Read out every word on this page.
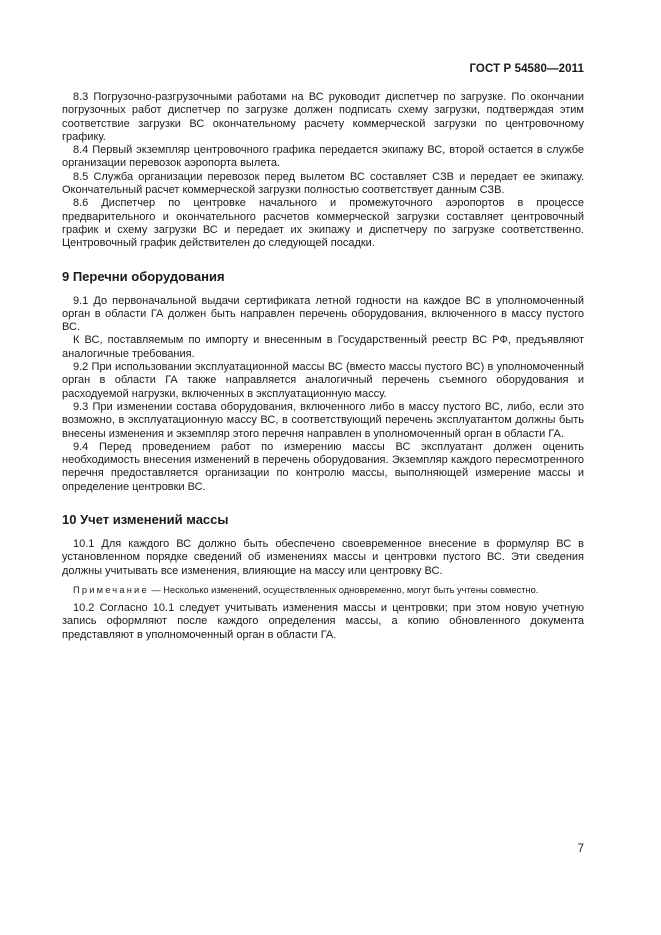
ГОСТ Р 54580—2011

8.3 Погрузочно-разгрузочными работами на ВС руководит диспетчер по загрузке. По окончании погрузочных работ диспетчер по загрузке должен подписать схему загрузки, подтверждая этим соответствие загрузки ВС окончательному расчету коммерческой загрузки по центровочному графику.

8.4 Первый экземпляр центровочного графика передается экипажу ВС, второй остается в службе организации перевозок аэропорта вылета.

8.5 Служба организации перевозок перед вылетом ВС составляет СЗВ и передает ее экипажу. Окончательный расчет коммерческой загрузки полностью соответствует данным СЗВ.

8.6 Диспетчер по центровке начального и промежуточного аэропортов в процессе предварительного и окончательного расчетов коммерческой загрузки составляет центровочный график и схему загрузки ВС и передает их экипажу и диспетчеру по загрузке соответственно. Центровочный график действителен до следующей посадки.

9 Перечни оборудования

9.1 До первоначальной выдачи сертификата летной годности на каждое ВС в уполномоченный орган в области ГА должен быть направлен перечень оборудования, включенного в массу пустого ВС.

К ВС, поставляемым по импорту и внесенным в Государственный реестр ВС РФ, предъявляют аналогичные требования.

9.2 При использовании эксплуатационной массы ВС (вместо массы пустого ВС) в уполномоченный орган в области ГА также направляется аналогичный перечень съемного оборудования и расходуемой нагрузки, включенных в эксплуатационную массу.

9.3 При изменении состава оборудования, включенного либо в массу пустого ВС, либо, если это возможно, в эксплуатационную массу ВС, в соответствующий перечень эксплуатантом должны быть внесены изменения и экземпляр этого перечня направлен в уполномоченный орган в области ГА.

9.4 Перед проведением работ по измерению массы ВС эксплуатант должен оценить необходимость внесения изменений в перечень оборудования. Экземпляр каждого пересмотренного перечня предоставляется организации по контролю массы, выполняющей измерение массы и определение центровки ВС.

10 Учет изменений массы

10.1 Для каждого ВС должно быть обеспечено своевременное внесение в формуляр ВС в установленном порядке сведений об изменениях массы и центровки пустого ВС. Эти сведения должны учитывать все изменения, влияющие на массу или центровку ВС.

Примечание — Несколько изменений, осуществленных одновременно, могут быть учтены совместно.

10.2 Согласно 10.1 следует учитывать изменения массы и центровки; при этом новую учетную запись оформляют после каждого определения массы, а копию обновленного документа представляют в уполномоченный орган в области ГА.

7
